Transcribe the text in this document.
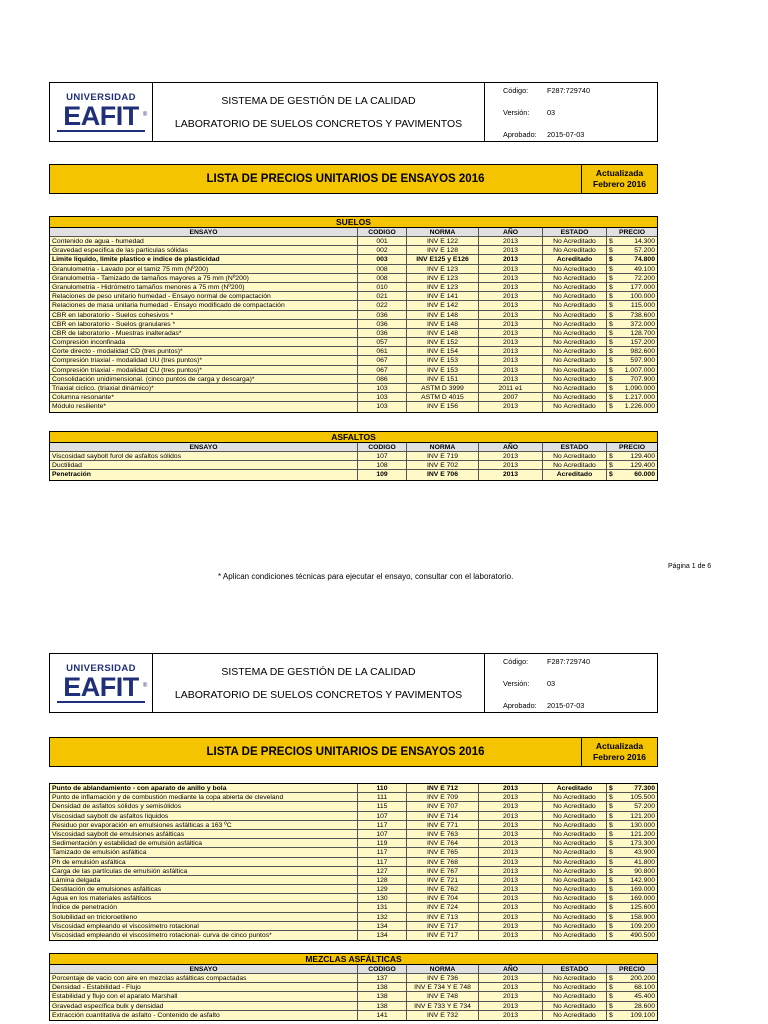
UNIVERSIDAD
EAFIT ®
SISTEMA DE GESTIÓN DE LA CALIDAD
LABORATORIO DE SUELOS CONCRETOS Y PAVIMENTOS
Código:	F287:729740
Versión:	03
Aprobado:	2015-07-03
LISTA DE PRECIOS UNITARIOS DE ENSAYOS 2016	Actualizada
Febrero 2016
SUELOS
ENSAYO	CODIGO	NORMA	AÑO	ESTADO	PRECIO
Contenido de agua - humedad	001	INV E 122	2013	No Acreditado	$	14.300
Gravedad especifica de las particulas sólidas	002	INV E 128	2013	No Acreditado	$	57.200
Limite liquido, limite plastico e indice de plasticidad	003	INV E125 y E126	2013	Acreditado	$	74.800
Granulometria - Lavado por el tamiz 75 mm (Nº200)	008	INV E 123	2013	No Acreditado	$	49.100
Granulometria - Tamizado de tamaños mayores a 75 mm (Nº200)	008	INV E 123	2013	No Acreditado	$	72.200
Granulometria - Hidrómetro tamaños menores a 75 mm (Nº200)	010	INV E 123	2013	No Acreditado	$	177.000
Relaciones de peso unitario humedad - Ensayo normal de compactación	021	INV E 141	2013	No Acreditado	$	100.000
Relaciones de masa unitaria humedad - Ensayo modificado de compactación	022	INV E 142	2013	No Acreditado	$	115.000
CBR en laboratorio - Suelos cohesivos *	036	INV E 148	2013	No Acreditado	$	738.600
CBR en laboratorio - Suelos granulares *	036	INV E 148	2013	No Acreditado	$	372.000
CBR de laboratorio - Muestras inalteradas*	036	INV E 148	2013	No Acreditado	$	128.700
Compresión inconfinada	057	INV E 152	2013	No Acreditado	$	157.200
Corte directo - modalidad CD (tres puntos)*	061	INV E 154	2013	No Acreditado	$	982.600
Compresión triaxial - modalidad UU (tres puntos)*	067	INV E 153	2013	No Acreditado	$	597.900
Compresión triaxial - modalidad CU (tres puntos)*	067	INV E 153	2013	No Acreditado	$ 1.007.000
Consolidación unidimensional. (cinco puntos de carga y descarga)*	086	INV E 151	2013	No Acreditado	$	707.900
Triaxial ciclico. (triaxial dinámico)*	103	ASTM D 3999	2011 e1	No Acreditado	$ 1.090.000
Columna resonante*	103	ASTM D 4015	2007	No Acreditado	$ 1.217.000
Módulo resiliente*	103	INV E 156	2013	No Acreditado	$ 1.226.000
ASFALTOS
ENSAYO	CODIGO	NORMA	AÑO	ESTADO	PRECIO
Viscosidad saybolt furol de asfaltos sólidos	107	INV E 719	2013	No Acreditado	$	129.400
Ductilidad	108	INV E 702	2013	No Acreditado	$	129.400
Penetración	109	INV E 706	2013	Acreditado	$	60.000
Página 1 de 6
* Aplican condiciones técnicas para ejecutar el ensayo, consultar con el laboratorio.
UNIVERSIDAD
EAFIT ®
SISTEMA DE GESTIÓN DE LA CALIDAD
LABORATORIO DE SUELOS CONCRETOS Y PAVIMENTOS
Código:	F287:729740
Versión:	03
Aprobado:	2015-07-03
LISTA DE PRECIOS UNITARIOS DE ENSAYOS 2016	Actualizada
Febrero 2016
Punto de ablandamiento - con aparato de anillo y bola	110	INV E 712	2013	Acreditado	$	77.300
Punto de inflamación y de combustión mediante la copa abierta de cleveland	111	INV E 709	2013	No Acreditado	$	105.500
Densidad de asfaltos sólidos y semisólidos	115	INV E 707	2013	No Acreditado	$	57.200
Viscosidad saybolt de asfaltos líquidos	107	INV E 714	2013	No Acreditado	$	121.200
Residuo por evaporación en emulsiones asfálticas a 163 ºC	117	INV E 771	2013	No Acreditado	$	130.000
Viscosidad saybolt de emulsiones asfálticas	107	INV E 763	2013	No Acreditado	$	121.200
Sedimentación y estabilidad de emulsión asfáltica	119	INV E 764	2013	No Acreditado	$	173.300
Tamizado de emulsión asfáltica	117	INV E 765	2013	No Acreditado	$	43.900
Ph de emulsión asfáltica	117	INV E 768	2013	No Acreditado	$	41.800
Carga de las partículas de emulsión asfáltica	127	INV E 767	2013	No Acreditado	$	90.800
Lámina delgada	128	INV E 721	2013	No Acreditado	$	142.900
Destilación de emulsiones asfálticas	129	INV E 762	2013	No Acreditado	$	169.000
Agua en los materiales asfálticos	130	INV E 704	2013	No Acreditado	$	169.000
Índice de penetración	131	INV E 724	2013	No Acreditado	$	125.600
Solubilidad en tricloroetileno	132	INV E 713	2013	No Acreditado	$	158.900
Viscosidad empleando el viscosímetro rotacional	134	INV E 717	2013	No Acreditado	$	109.200
Viscosidad empleando el viscosímetro rotacional- curva de cinco puntos*	134	INV E 717	2013	No Acreditado	$	490.500
MEZCLAS ASFÁLTICAS
ENSAYO	CODIGO	NORMA	AÑO	ESTADO	PRECIO
Porcentaje de vacio con aire en mezclas asfálticas compactadas	137	INV E 736	2013	No Acreditado	$	200.200
Densidad - Estabilidad - Flujo	138	INV E 734 Y E 748	2013	No Acreditado	$	68.100
Estabilidad y flujo con el aparato Marshall	138	INV E 748	2013	No Acreditado	$	45.400
Gravedad específica bulk y densidad	138	INV E 733 Y E 734	2013	No Acreditado	$	28.600
Extracción cuantitativa de asfalto - Contenido de asfalto	141	INV E 732	2013	No Acreditado	$	109.100
